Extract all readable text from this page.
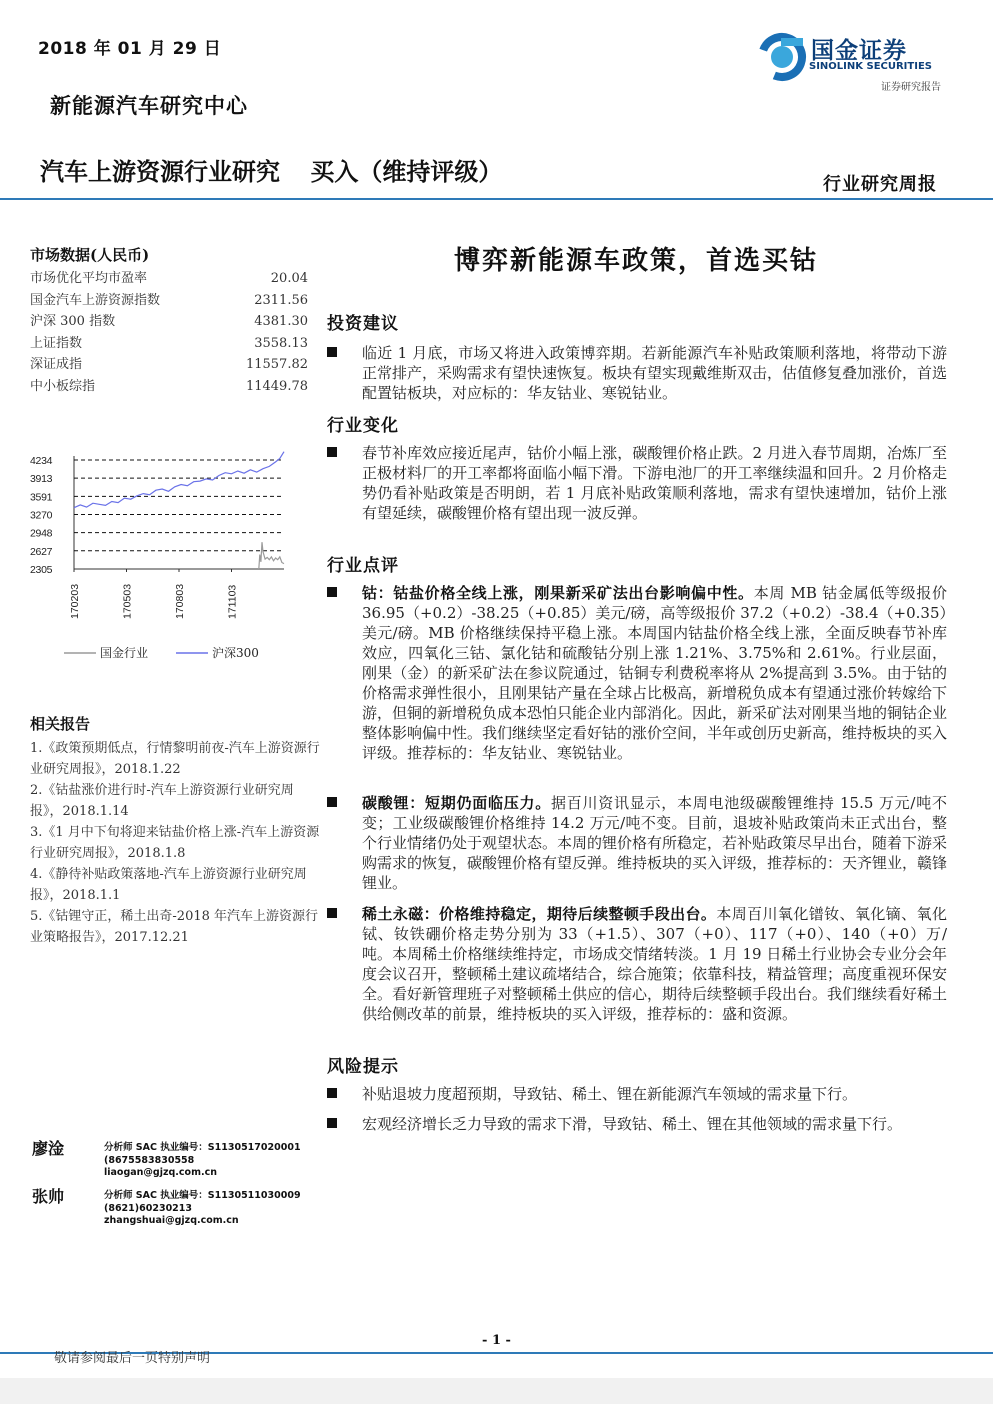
2018 年 01 月 29 日
新能源汽车研究中心
汽车上游资源行业研究 买入（维持评级）	行业研究周报
国金证券
SINOLINK SECURITIES
证券研究报告
市场数据(人民币)
市场优化平均市盈率	20.04
国金汽车上游资源指数	2311.56
沪深 300 指数	4381.30
上证指数	3558.13
深证成指	11557.82
中小板综指	11449.78
4234
3913
3591
3270
2948
2627
2305
170203	170503	170803	171103
国金行业	沪深300
相关报告
1.《政策预期低点，行情黎明前夜-汽车上游资源行业研究周报》，2018.1.22
2.《钴盐涨价进行时-汽车上游资源行业研究周报》，2018.1.14
3.《1 月中下旬将迎来钴盐价格上涨-汽车上游资源行业研究周报》，2018.1.8
4.《静待补贴政策落地-汽车上游资源行业研究周报》，2018.1.1
5.《钴锂守正，稀土出奇-2018 年汽车上游资源行业策略报告》，2017.12.21
廖淦	分析师 SAC 执业编号：S1130517020001
(8675583830558
liaogan@gjzq.com.cn
张帅	分析师 SAC 执业编号：S1130511030009
(8621)60230213
zhangshuai@gjzq.com.cn
博弈新能源车政策，首选买钴
投资建议
临近 1 月底，市场又将进入政策博弈期。若新能源汽车补贴政策顺利落地，将带动下游正常排产，采购需求有望快速恢复。板块有望实现戴维斯双击，估值修复叠加涨价，首选配置钴板块，对应标的：华友钴业、寒锐钴业。
行业变化
春节补库效应接近尾声，钴价小幅上涨，碳酸锂价格止跌。2 月进入春节周期，冶炼厂至正极材料厂的开工率都将面临小幅下滑。下游电池厂的开工率继续温和回升。2 月价格走势仍看补贴政策是否明朗，若 1 月底补贴政策顺利落地，需求有望快速增加，钴价上涨有望延续，碳酸锂价格有望出现一波反弹。
行业点评
钴：钴盐价格全线上涨，刚果新采矿法出台影响偏中性。本周 MB 钴金属低等级报价 36.95（+0.2）-38.25（+0.85）美元/磅，高等级报价 37.2（+0.2）-38.4（+0.35）美元/磅。MB 价格继续保持平稳上涨。本周国内钴盐价格全线上涨，全面反映春节补库效应，四氧化三钴、氯化钴和硫酸钴分别上涨 1.21%、3.75%和 2.61%。行业层面，刚果（金）的新采矿法在参议院通过，钴铜专利费税率将从 2%提高到 3.5%。由于钴的价格需求弹性很小，且刚果钴产量在全球占比极高，新增税负成本有望通过涨价转嫁给下游，但铜的新增税负成本恐怕只能企业内部消化。因此，新采矿法对刚果当地的铜钴企业整体影响偏中性。我们继续坚定看好钴的涨价空间，半年或创历史新高，维持板块的买入评级。推荐标的：华友钴业、寒锐钴业。
碳酸锂：短期仍面临压力。据百川资讯显示，本周电池级碳酸锂维持 15.5 万元/吨不变；工业级碳酸锂价格维持 14.2 万元/吨不变。目前，退坡补贴政策尚未正式出台，整个行业情绪仍处于观望状态。本周的锂价格有所稳定，若补贴政策尽早出台，随着下游采购需求的恢复，碳酸锂价格有望反弹。维持板块的买入评级，推荐标的：天齐锂业，赣锋锂业。
稀土永磁：价格维持稳定，期待后续整顿手段出台。本周百川氧化镨钕、氧化镝、氧化铽、钕铁硼价格走势分别为 33（+1.5）、307（+0）、117（+0）、140（+0）万/吨。本周稀土价格继续维持定，市场成交情绪转淡。1 月 19 日稀土行业协会专业分会年度会议召开，整顿稀土建议疏堵结合，综合施策；依靠科技，精益管理；高度重视环保安全。看好新管理班子对整顿稀土供应的信心，期待后续整顿手段出台。我们继续看好稀土供给侧改革的前景，维持板块的买入评级，推荐标的：盛和资源。
风险提示
补贴退坡力度超预期，导致钴、稀土、锂在新能源汽车领域的需求量下行。
宏观经济增长乏力导致的需求下滑，导致钴、稀土、锂在其他领域的需求量下行。
- 1 -
敬请参阅最后一页特别声明
